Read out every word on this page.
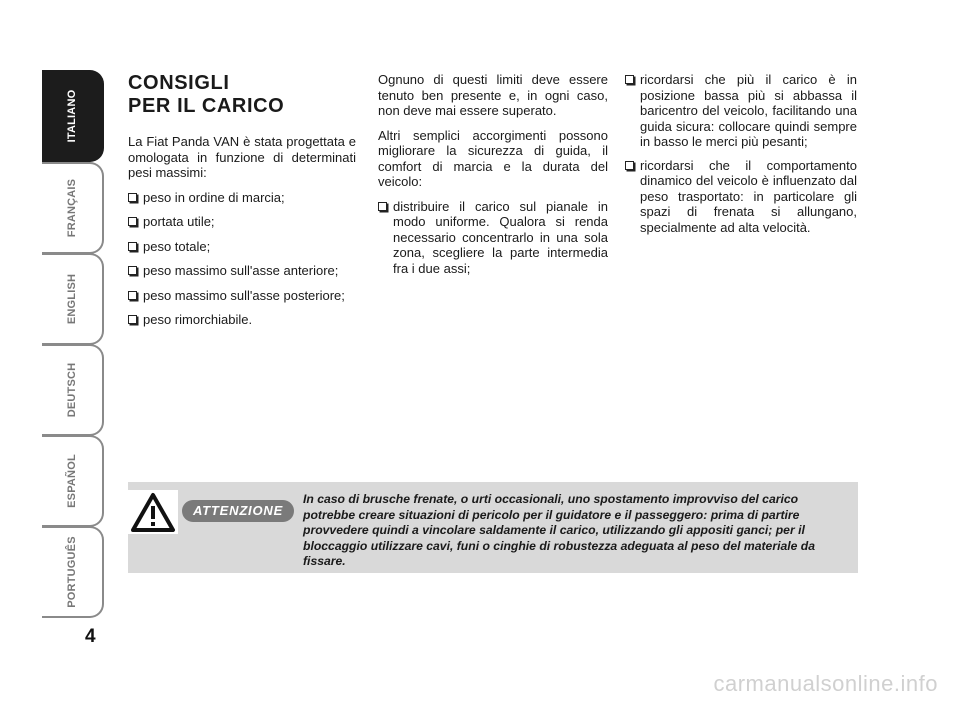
ITALIANO
FRANÇAIS
ENGLISH
DEUTSCH
ESPAÑOL
PORTUGUÊS
4
CONSIGLI
PER IL CARICO

La Fiat Panda VAN è stata progettata e omologata in funzione di determinati pesi massimi:

peso in ordine di marcia;
portata utile;
peso totale;
peso massimo sull'asse anteriore;
peso massimo sull'asse posteriore;
peso rimorchiabile.

Ognuno di questi limiti deve essere tenuto ben presente e, in ogni caso, non deve mai essere superato.

Altri semplici accorgimenti possono migliorare la sicurezza di guida, il comfort di marcia e la durata del veicolo:

distribuire il carico sul pianale in modo uniforme. Qualora si renda necessario concentrarlo in una sola zona, scegliere la parte intermedia fra i due assi;
ricordarsi che più il carico è in posizione bassa più si abbassa il baricentro del veicolo, facilitando una guida sicura: collocare quindi sempre in basso le merci più pesanti;
ricordarsi che il comportamento dinamico del veicolo è influenzato dal peso trasportato: in particolare gli spazi di frenata si allungano, specialmente ad alta velocità.
ATTENZIONE
In caso di brusche frenate, o urti occasionali, uno spostamento improvviso del carico potrebbe creare situazioni di pericolo per il guidatore e il passeggero: prima di partire provvedere quindi a vincolare saldamente il carico, utilizzando gli appositi ganci; per il bloccaggio utilizzare cavi, funi o cinghie di robustezza adeguata al peso del materiale da fissare.
carmanualsonline.info
